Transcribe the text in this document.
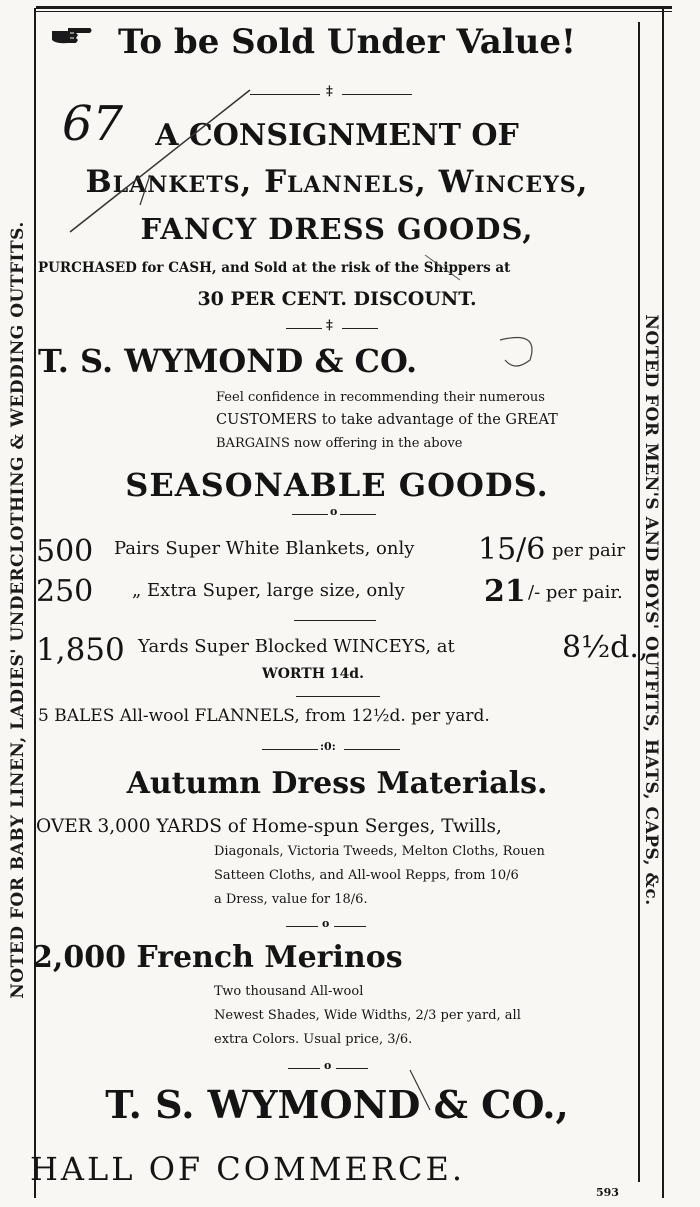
NOTED FOR BABY LINEN, LADIES' UNDERCLOTHING & WEDDING OUTFITS.	NOTED FOR MEN'S AND BOYS' OUTFITS, HATS, CAPS, &c.
To be Sold Under Value!
‡
67	A CONSIGNMENT OF
Blankets, Flannels, Winceys,
FANCY DRESS GOODS,
PURCHASED for CASH, and Sold at the risk of the Shippers at
30 PER CENT. DISCOUNT.
‡
T. S. WYMOND & CO.
Feel confidence in recommending their numerous
CUSTOMERS to take advantage of the GREAT
BARGAINS now offering in the above
SEASONABLE GOODS.
o
500 Pairs Super White Blankets, only 15/6 per pair
250 „ Extra Super, large size, only	21 /- per pair.
1,850 Yards Super Blocked WINCEYS, at	8½d.,
WORTH 14d.
5 BALES All-wool FLANNELS, from 12½d. per yard.
:0:
Autumn Dress Materials.
OVER 3,000 YARDS of Home-spun Serges, Twills,
Diagonals, Victoria Tweeds, Melton Cloths, Rouen
Satteen Cloths, and All-wool Repps, from 10/6
a Dress, value for 18/6.
o
2,000 French Merinos
Two thousand All-wool
Newest Shades, Wide Widths, 2/3 per yard, all
extra Colors. Usual price, 3/6.
o
T. S. WYMOND & CO.,
HALL OF COMMERCE.
593
